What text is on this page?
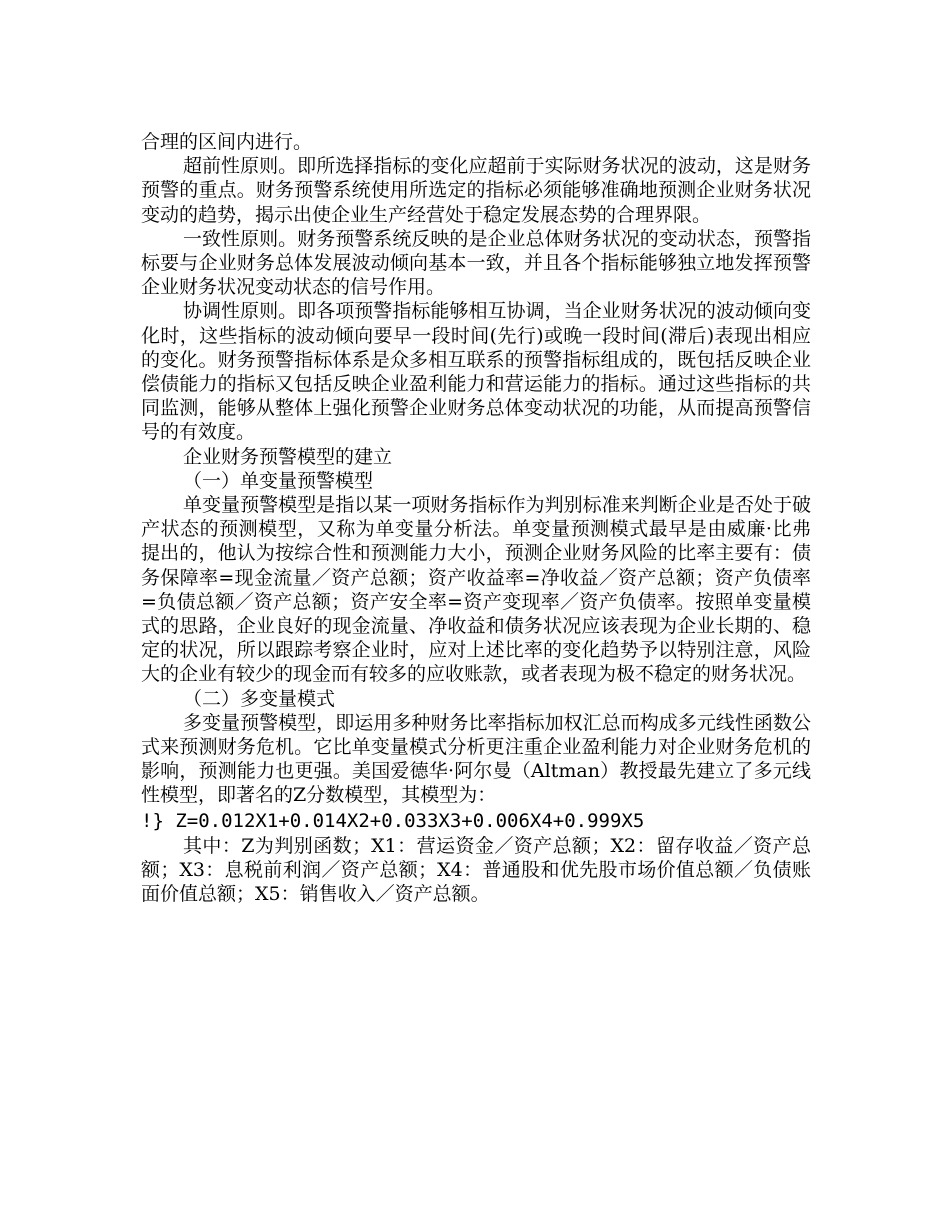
合理的区间内进行。

超前性原则。即所选择指标的变化应超前于实际财务状况的波动，这是财务预警的重点。财务预警系统使用所选定的指标必须能够准确地预测企业财务状况变动的趋势，揭示出使企业生产经营处于稳定发展态势的合理界限。

一致性原则。财务预警系统反映的是企业总体财务状况的变动状态，预警指标要与企业财务总体发展波动倾向基本一致，并且各个指标能够独立地发挥预警企业财务状况变动状态的信号作用。

协调性原则。即各项预警指标能够相互协调，当企业财务状况的波动倾向变化时，这些指标的波动倾向要早一段时间(先行)或晚一段时间(滞后)表现出相应的变化。财务预警指标体系是众多相互联系的预警指标组成的，既包括反映企业偿债能力的指标又包括反映企业盈利能力和营运能力的指标。通过这些指标的共同监测，能够从整体上强化预警企业财务总体变动状况的功能，从而提高预警信号的有效度。

企业财务预警模型的建立

（一）单变量预警模型

单变量预警模型是指以某一项财务指标作为判别标准来判断企业是否处于破产状态的预测模型，又称为单变量分析法。单变量预测模式最早是由威廉·比弗提出的，他认为按综合性和预测能力大小，预测企业财务风险的比率主要有：债务保障率=现金流量／资产总额；资产收益率=净收益／资产总额；资产负债率=负债总额／资产总额；资产安全率=资产变现率／资产负债率。按照单变量模式的思路，企业良好的现金流量、净收益和债务状况应该表现为企业长期的、稳定的状况，所以跟踪考察企业时，应对上述比率的变化趋势予以特别注意，风险大的企业有较少的现金而有较多的应收账款，或者表现为极不稳定的财务状况。

（二）多变量模式

多变量预警模型，即运用多种财务比率指标加权汇总而构成多元线性函数公式来预测财务危机。它比单变量模式分析更注重企业盈利能力对企业财务危机的影响，预测能力也更强。美国爱德华·阿尔曼（Altman）教授最先建立了多元线性模型，即著名的Z分数模型，其模型为：

!} Z=0.012X1+0.014X2+0.033X3+0.006X4+0.999X5

其中：Z为判别函数；X1：营运资金／资产总额；X2：留存收益／资产总额；X3：息税前利润／资产总额；X4：普通股和优先股市场价值总额／负债账面价值总额；X5：销售收入／资产总额。
